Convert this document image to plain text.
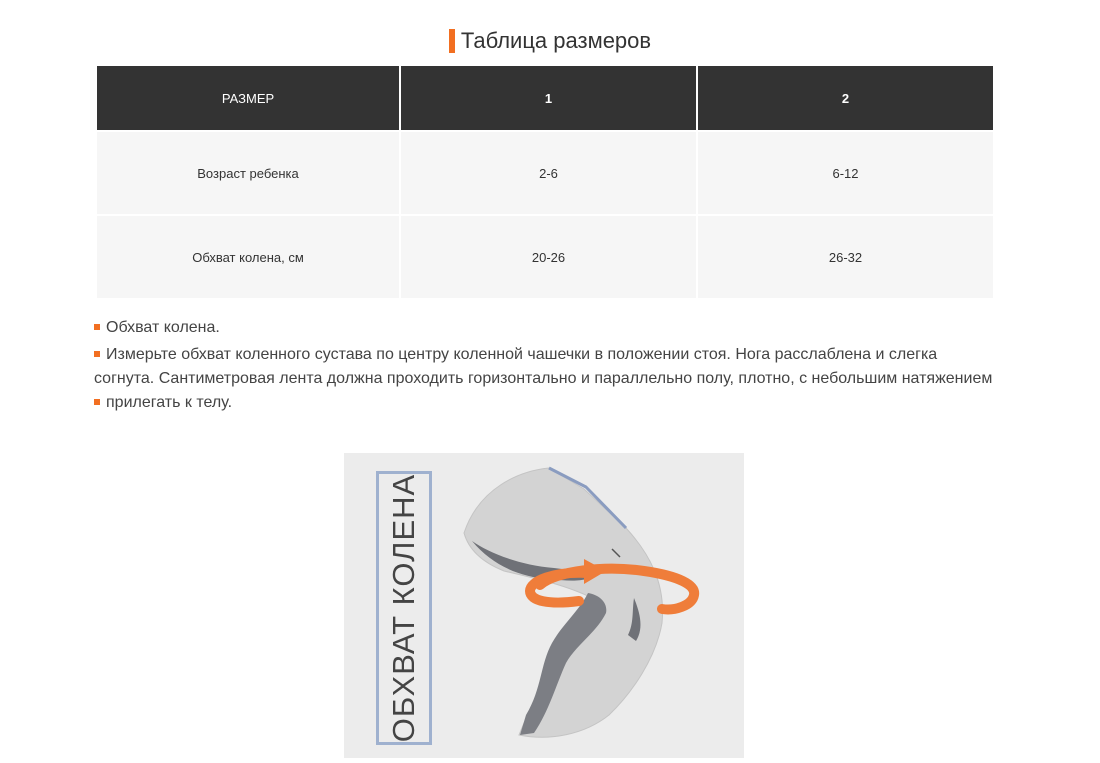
Таблица размеров
РАЗМЕР	1	2
Возраст ребенка	2-6	6-12
Обхват колена, см	20-26	26-32

Обхват колена.

Измерьте обхват коленного сустава по центру коленной чашечки в положении стоя. Нога расслаблена и слегка согнута. Сантиметровая лента должна проходить горизонтально и параллельно полу, плотно, с небольшим натяжением

прилегать к телу.

ОБХВАТ КОЛЕНА
